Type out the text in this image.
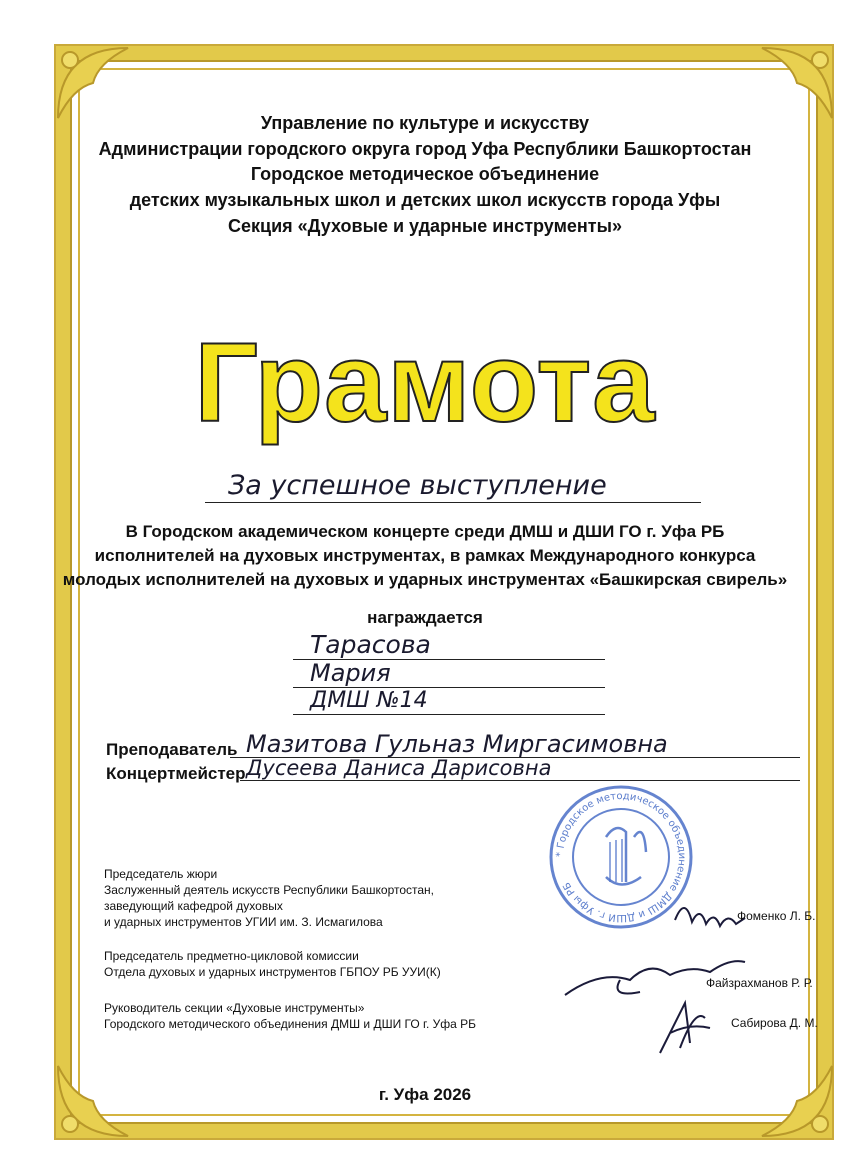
Управление по культуре и искусству
Администрации городского округа город Уфа Республики Башкортостан
Городское методическое объединение
детских музыкальных школ и детских школ искусств города Уфы
Секция «Духовые и ударные инструменты»
Грамота
За успешное выступление
В Городском академическом концерте среди ДМШ и ДШИ ГО г. Уфа РБ
исполнителей на духовых инструментах, в рамках Международного конкурса
молодых исполнителей на духовых и ударных инструментах «Башкирская свирель»
награждается
Тарасова
Мария
ДМШ №14
Преподаватель Мазитова Гульназ Миргасимовна
Концертмейстер Дусеева Даниса Дарисовна
* Городское методическое объединение ДМШ и ДШИ г. Уфы РБ
Председатель жюри
Заслуженный деятель искусств Республики Башкортостан,
заведующий кафедрой духовых
и ударных инструментов УГИИ им. З. Исмагилова	Фоменко Л. Б.
Председатель предметно-цикловой комиссии
Отдела духовых и ударных инструментов ГБПОУ РБ УУИ(К)
Файзрахманов Р. Р.
Руководитель секции «Духовые инструменты»
Городского методического объединения ДМШ и ДШИ ГО г. Уфа РБ	Сабирова Д. М.
г. Уфа 2026
